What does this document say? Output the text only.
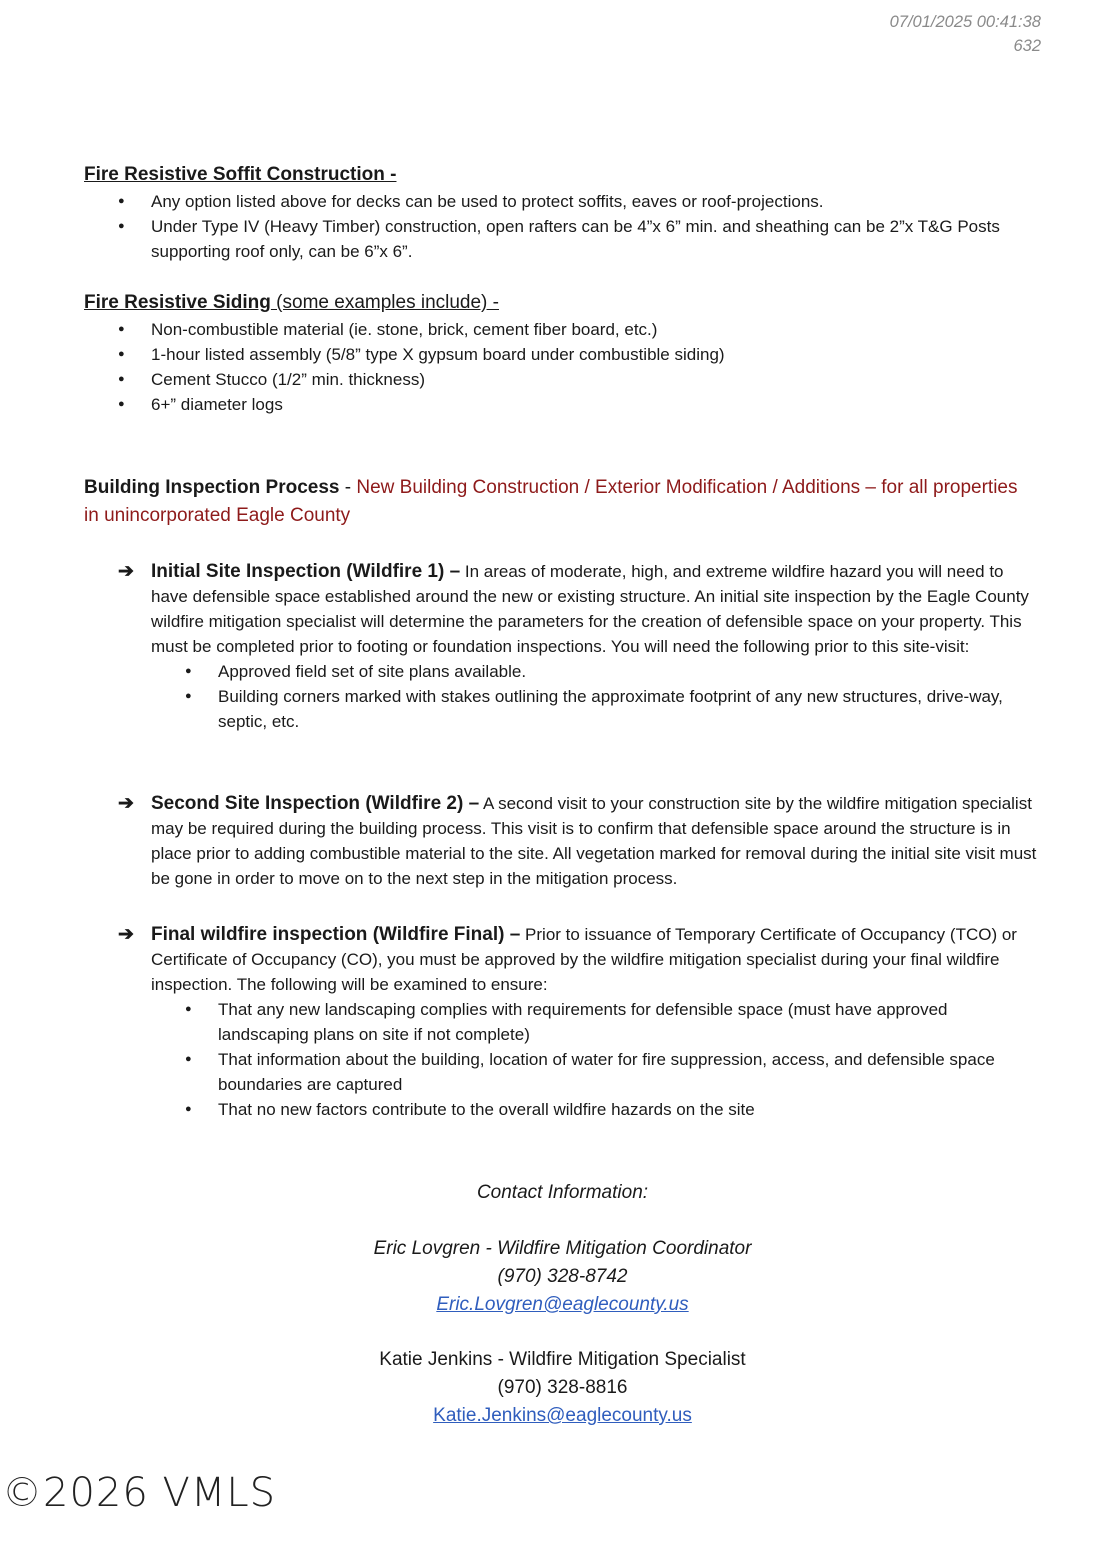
07/01/2025 00:41:38
632

Fire Resistive Soffit Construction -

● Any option listed above for decks can be used to protect soffits, eaves or roof-projections.
● Under Type IV (Heavy Timber) construction, open rafters can be 4”x 6” min. and sheathing can be 2”x T&G Posts supporting roof only, can be 6”x 6”.

Fire Resistive Siding (some examples include) -

● Non-combustible material (ie. stone, brick, cement fiber board, etc.)
● 1-hour listed assembly (5/8” type X gypsum board under combustible siding)
● Cement Stucco (1/2” min. thickness)
● 6+” diameter logs

Building Inspection Process - New Building Construction / Exterior Modification / Additions – for all properties in unincorporated Eagle County

➔ Initial Site Inspection (Wildfire 1) – In areas of moderate, high, and extreme wildfire hazard you will need to have defensible space established around the new or existing structure. An initial site inspection by the Eagle County wildfire mitigation specialist will determine the parameters for the creation of defensible space on your property. This must be completed prior to footing or foundation inspections. You will need the following prior to this site-visit:
● Approved field set of site plans available.
● Building corners marked with stakes outlining the approximate footprint of any new structures, drive-way, septic, etc.
➔ Second Site Inspection (Wildfire 2) – A second visit to your construction site by the wildfire mitigation specialist may be required during the building process. This visit is to confirm that defensible space around the structure is in place prior to adding combustible material to the site. All vegetation marked for removal during the initial site visit must be gone in order to move on to the next step in the mitigation process.
➔ Final wildfire inspection (Wildfire Final) – Prior to issuance of Temporary Certificate of Occupancy (TCO) or Certificate of Occupancy (CO), you must be approved by the wildfire mitigation specialist during your final wildfire inspection. The following will be examined to ensure:
● That any new landscaping complies with requirements for defensible space (must have approved landscaping plans on site if not complete)
● That information about the building, location of water for fire suppression, access, and defensible space boundaries are captured
● That no new factors contribute to the overall wildfire hazards on the site
Contact Information:
Eric Lovgren - Wildfire Mitigation Coordinator
(970) 328-8742
Eric.Lovgren@eaglecounty.us
Katie Jenkins - Wildfire Mitigation Specialist
(970) 328-8816
Katie.Jenkins@eaglecounty.us
©2026 VMLS
